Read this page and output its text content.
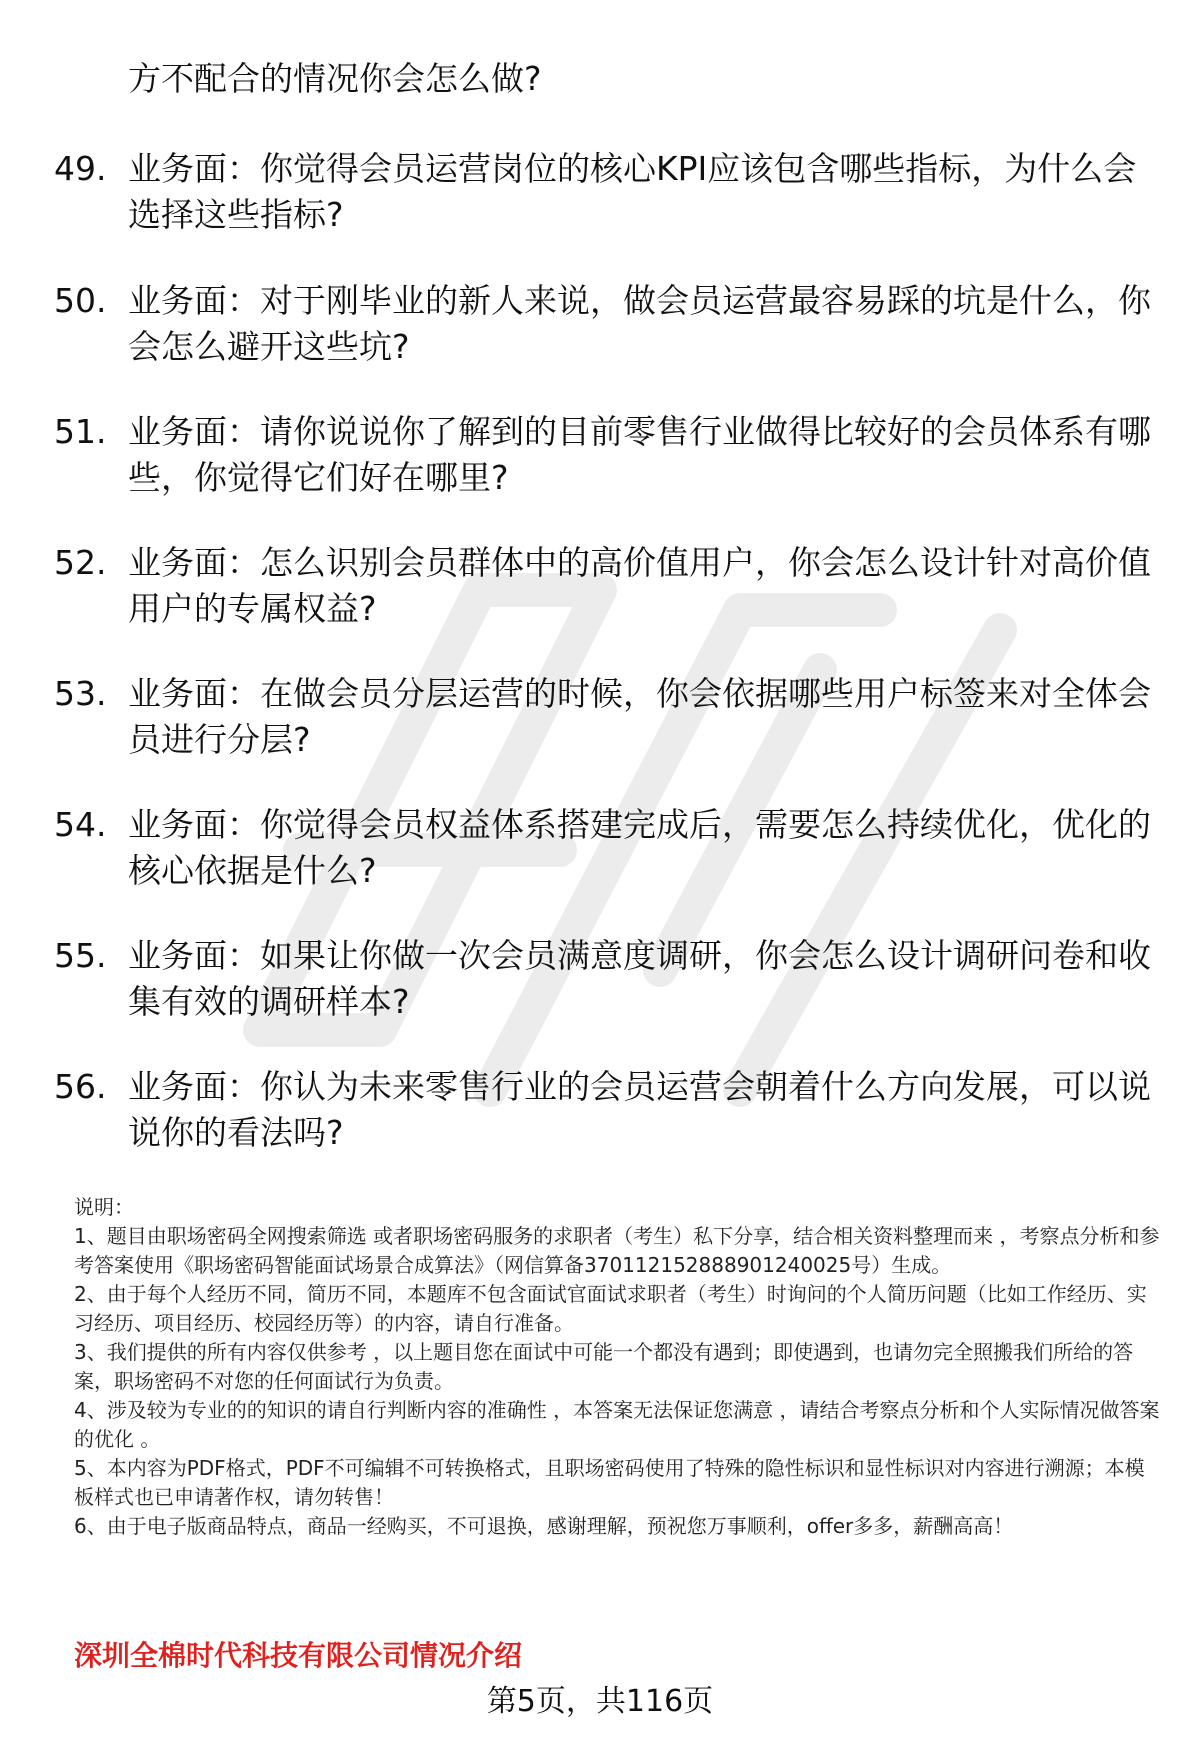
方不配合的情况你会怎么做?
49. 业务面：你觉得会员运营岗位的核心KPI应该包含哪些指标，为什么会选择这些指标?
50. 业务面：对于刚毕业的新人来说，做会员运营最容易踩的坑是什么，你会怎么避开这些坑?
51. 业务面：请你说说你了解到的目前零售行业做得比较好的会员体系有哪些，你觉得它们好在哪里?
52. 业务面：怎么识别会员群体中的高价值用户，你会怎么设计针对高价值用户的专属权益?
53. 业务面：在做会员分层运营的时候，你会依据哪些用户标签来对全体会员进行分层?
54. 业务面：你觉得会员权益体系搭建完成后，需要怎么持续优化，优化的核心依据是什么?
55. 业务面：如果让你做一次会员满意度调研，你会怎么设计调研问卷和收集有效的调研样本?
56. 业务面：你认为未来零售行业的会员运营会朝着什么方向发展，可以说说你的看法吗?

说明：

1、题目由职场密码全网搜索筛选 或者职场密码服务的求职者（考生）私下分享，结合相关资料整理而来 ，考察点分析和参考答案使用《职场密码智能面试场景合成算法》（网信算备370112152888901240025号）生成。

2、由于每个人经历不同，简历不同，本题库不包含面试官面试求职者（考生）时询问的个人简历问题（比如工作经历、实习经历、项目经历、校园经历等）的内容，请自行准备。

3、我们提供的所有内容仅供参考 ，以上题目您在面试中可能一个都没有遇到；即使遇到，也请勿完全照搬我们所给的答案，职场密码不对您的任何面试行为负责。

4、涉及较为专业的的知识的请自行判断内容的准确性 ，本答案无法保证您满意 ，请结合考察点分析和个人实际情况做答案的优化 。

5、本内容为PDF格式，PDF不可编辑不可转换格式，且职场密码使用了特殊的隐性标识和显性标识对内容进行溯源；本模板样式也已申请著作权，请勿转售！

6、由于电子版商品特点，商品一经购买，不可退换，感谢理解，预祝您万事顺利，offer多多，薪酬高高！

深圳全棉时代科技有限公司情况介绍
第5页，共116页
